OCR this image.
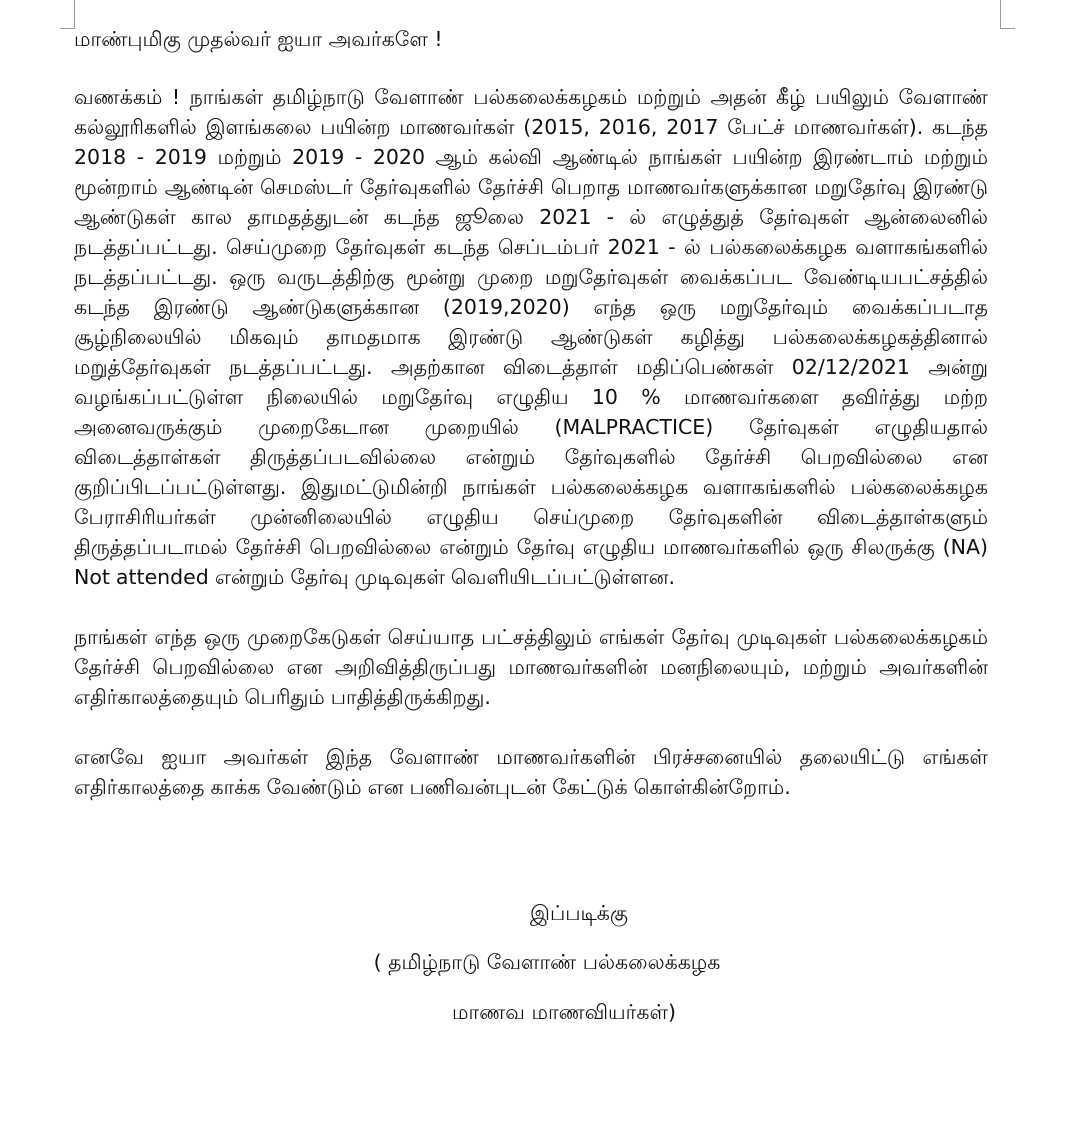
மாண்புமிகு முதல்வர் ஐயா அவர்களே !

வணக்கம் ! நாங்கள் தமிழ்நாடு வேளாண் பல்கலைக்கழகம் மற்றும் அதன் கீழ் பயிலும் வேளாண் கல்லூரிகளில் இளங்கலை பயின்ற மாணவர்கள் (2015, 2016, 2017 பேட்ச் மாணவர்கள்). கடந்த 2018 - 2019 மற்றும் 2019 - 2020 ஆம் கல்வி ஆண்டில் நாங்கள் பயின்ற இரண்டாம் மற்றும் மூன்றாம் ஆண்டின் செமஸ்டர் தேர்வுகளில் தேர்ச்சி பெறாத மாணவர்களுக்கான மறுதேர்வு இரண்டு ஆண்டுகள் கால தாமதத்துடன் கடந்த ஜூலை 2021 - ல் எழுத்துத் தேர்வுகள் ஆன்லைனில் நடத்தப்பட்டது. செய்முறை தேர்வுகள் கடந்த செப்டம்பர் 2021 - ல் பல்கலைக்கழக வளாகங்களில் நடத்தப்பட்டது. ஒரு வருடத்திற்கு மூன்று முறை மறுதேர்வுகள் வைக்கப்பட வேண்டியபட்சத்தில் கடந்த இரண்டு ஆண்டுகளுக்கான (2019,2020) எந்த ஒரு மறுதேர்வும் வைக்கப்படாத சூழ்நிலையில் மிகவும் தாமதமாக இரண்டு ஆண்டுகள் கழித்து பல்கலைக்கழகத்தினால் மறுத்தேர்வுகள் நடத்தப்பட்டது. அதற்கான விடைத்தாள் மதிப்பெண்கள் 02/12/2021 அன்று வழங்கப்பட்டுள்ள நிலையில் மறுதேர்வு எழுதிய 10 % மாணவர்களை தவிர்த்து மற்ற அனைவருக்கும் முறைகேடான முறையில் (MALPRACTICE) தேர்வுகள் எழுதியதால் விடைத்தாள்கள் திருத்தப்படவில்லை என்றும் தேர்வுகளில் தேர்ச்சி பெறவில்லை என குறிப்பிடப்பட்டுள்ளது. இதுமட்டுமின்றி நாங்கள் பல்கலைக்கழக வளாகங்களில் பல்கலைக்கழக பேராசிரியர்கள் முன்னிலையில் எழுதிய செய்முறை தேர்வுகளின் விடைத்தாள்களும் திருத்தப்படாமல் தேர்ச்சி பெறவில்லை என்றும் தேர்வு எழுதிய மாணவர்களில் ஒரு சிலருக்கு (NA) Not attended என்றும் தேர்வு முடிவுகள் வெளியிடப்பட்டுள்ளன.

நாங்கள் எந்த ஒரு முறைகேடுகள் செய்யாத பட்சத்திலும் எங்கள் தேர்வு முடிவுகள் பல்கலைக்கழகம் தேர்ச்சி பெறவில்லை என அறிவித்திருப்பது மாணவர்களின் மனநிலையும், மற்றும் அவர்களின் எதிர்காலத்தையும் பெரிதும் பாதித்திருக்கிறது.

எனவே ஐயா அவர்கள் இந்த வேளாண் மாணவர்களின் பிரச்சனையில் தலையிட்டு எங்கள் எதிர்காலத்தை காக்க வேண்டும் என பணிவன்புடன் கேட்டுக் கொள்கின்றோம்.

இப்படிக்கு
( தமிழ்நாடு வேளாண் பல்கலைக்கழக
மாணவ மாணவியர்கள்)
